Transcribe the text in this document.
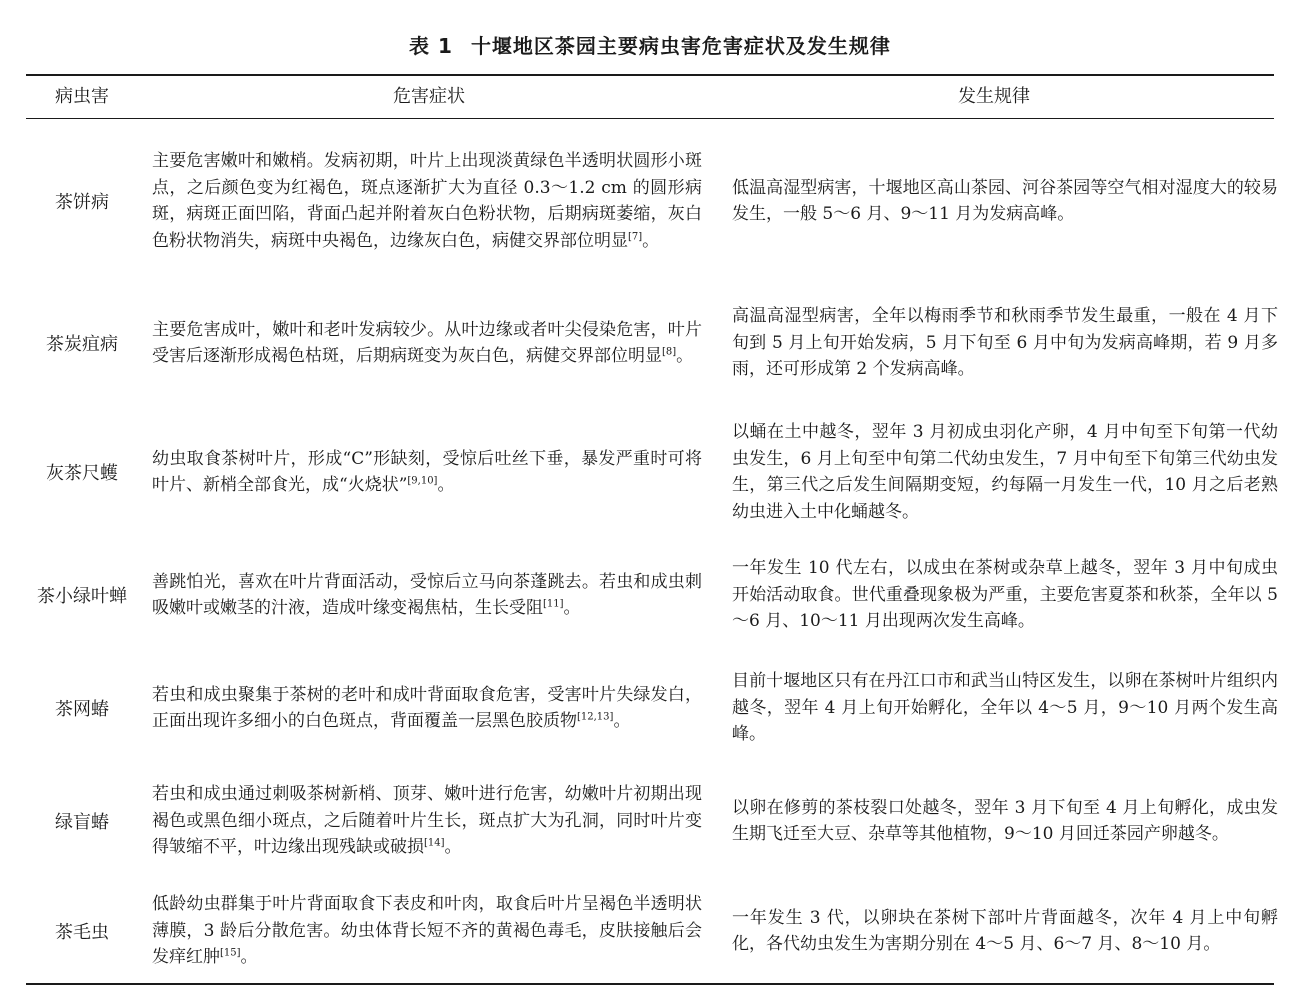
表 1 十堰地区茶园主要病虫害危害症状及发生规律
病虫害	危害症状	发生规律
茶饼病
主要危害嫩叶和嫩梢。发病初期，叶片上出现淡黄绿色半透明状圆形小斑点，之后颜色变为红褐色，斑点逐渐扩大为直径 0.3～1.2 cm 的圆形病斑，病斑正面凹陷，背面凸起并附着灰白色粉状物，后期病斑萎缩，灰白色粉状物消失，病斑中央褐色，边缘灰白色，病健交界部位明显[7]。
低温高湿型病害，十堰地区高山茶园、河谷茶园等空气相对湿度大的较易发生，一般 5～6 月、9～11 月为发病高峰。
茶炭疽病
主要危害成叶，嫩叶和老叶发病较少。从叶边缘或者叶尖侵染危害，叶片受害后逐渐形成褐色枯斑，后期病斑变为灰白色，病健交界部位明显[8]。
高温高湿型病害，全年以梅雨季节和秋雨季节发生最重，一般在 4 月下旬到 5 月上旬开始发病，5 月下旬至 6 月中旬为发病高峰期，若 9 月多雨，还可形成第 2 个发病高峰。
灰茶尺蠖
幼虫取食茶树叶片，形成“C”形缺刻，受惊后吐丝下垂，暴发严重时可将叶片、新梢全部食光，成“火烧状”[9,10]。
以蛹在土中越冬，翌年 3 月初成虫羽化产卵，4 月中旬至下旬第一代幼虫发生，6 月上旬至中旬第二代幼虫发生，7 月中旬至下旬第三代幼虫发生，第三代之后发生间隔期变短，约每隔一月发生一代，10 月之后老熟幼虫进入土中化蛹越冬。
茶小绿叶蝉
善跳怕光，喜欢在叶片背面活动，受惊后立马向茶蓬跳去。若虫和成虫刺吸嫩叶或嫩茎的汁液，造成叶缘变褐焦枯，生长受阻[11]。
一年发生 10 代左右，以成虫在茶树或杂草上越冬，翌年 3 月中旬成虫开始活动取食。世代重叠现象极为严重，主要危害夏茶和秋茶，全年以 5～6 月、10～11 月出现两次发生高峰。
茶网蝽
若虫和成虫聚集于茶树的老叶和成叶背面取食危害，受害叶片失绿发白，正面出现许多细小的白色斑点，背面覆盖一层黑色胶质物[12,13]。
目前十堰地区只有在丹江口市和武当山特区发生，以卵在茶树叶片组织内越冬，翌年 4 月上旬开始孵化，全年以 4～5 月，9～10 月两个发生高峰。
绿盲蝽
若虫和成虫通过刺吸茶树新梢、顶芽、嫩叶进行危害，幼嫩叶片初期出现褐色或黑色细小斑点，之后随着叶片生长，斑点扩大为孔洞，同时叶片变得皱缩不平，叶边缘出现残缺或破损[14]。
以卵在修剪的茶枝裂口处越冬，翌年 3 月下旬至 4 月上旬孵化，成虫发生期飞迁至大豆、杂草等其他植物，9～10 月回迁茶园产卵越冬。
茶毛虫
低龄幼虫群集于叶片背面取食下表皮和叶肉，取食后叶片呈褐色半透明状薄膜，3 龄后分散危害。幼虫体背长短不齐的黄褐色毒毛，皮肤接触后会发痒红肿[15]。
一年发生 3 代，以卵块在茶树下部叶片背面越冬，次年 4 月上中旬孵化，各代幼虫发生为害期分别在 4～5 月、6～7 月、8～10 月。
